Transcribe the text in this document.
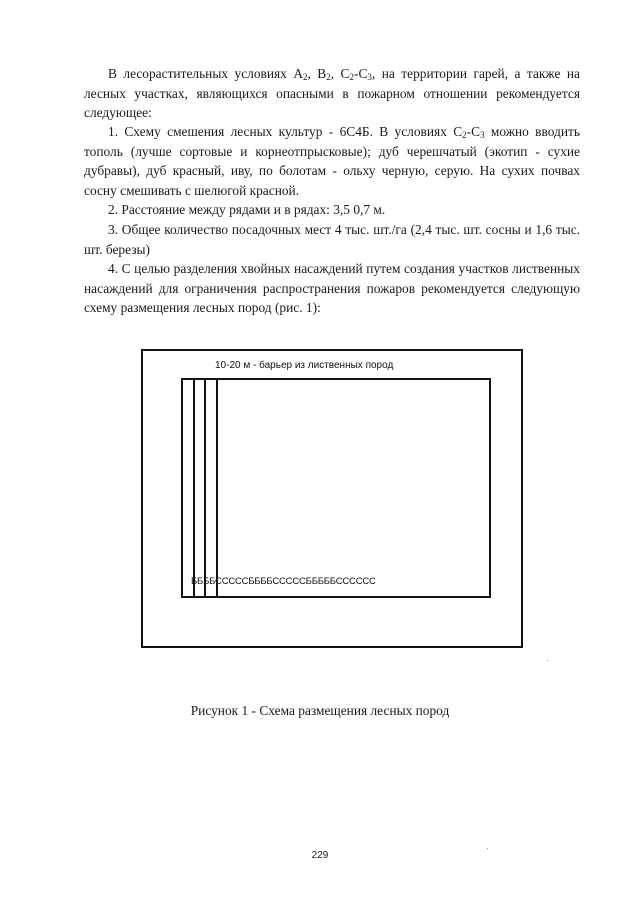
В лесорастительных условиях $А_2$, $В_2$, $С_2-С_3$, на территории гарей, а также на лесных участках, являющихся опасными в пожарном отношении рекомендуется следующее:

1. Схему смешения лесных культур - 6С4Б. В условиях $С_2-С_3$ можно вводить тополь (лучше сортовые и корнеотпрысковые); дуб черешчатый (экотип - сухие дубравы), дуб красный, иву, по болотам - ольху черную, серую. На сухих почвах сосну смешивать с шелюгой красной.

2. Расстояние между рядами и в рядах: 3,5 0,7 м.

3. Общее количество посадочных мест 4 тыс. шт./га (2,4 тыс. шт. сосны и 1,6 тыс. шт. березы)

4. С целью разделения хвойных насаждений путем создания участков лиственных насаждений для ограничения распространения пожаров рекомендуется следующую схему размещения лесных пород (рис. 1):

10-20 м - барьер из лиственных пород
ББББСССССББББСССССБББББСССССС
Рисунок 1 - Схема размещения лесных пород
229
